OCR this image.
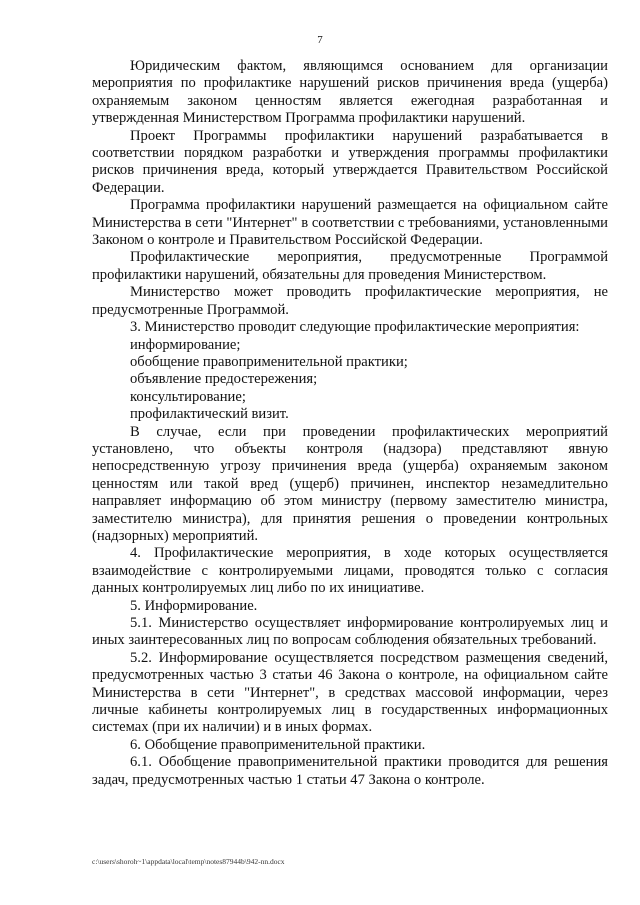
7

Юридическим фактом, являющимся основанием для организации мероприятия по профилактике нарушений рисков причинения вреда (ущерба) охраняемым законом ценностям является ежегодная разработанная и утвержденная Министерством Программа профилактики нарушений.

Проект Программы профилактики нарушений разрабатывается в соответствии порядком разработки и утверждения программы профилактики рисков причинения вреда, который утверждается Правительством Российской Федерации.

Программа профилактики нарушений размещается на официальном сайте Министерства в сети "Интернет" в соответствии с требованиями, установленными Законом о контроле и Правительством Российской Федерации.

Профилактические мероприятия, предусмотренные Программой профилактики нарушений, обязательны для проведения Министерством.

Министерство может проводить профилактические мероприятия, не предусмотренные Программой.

3. Министерство проводит следующие профилактические мероприятия:

информирование;

обобщение правоприменительной практики;

объявление предостережения;

консультирование;

профилактический визит.

В случае, если при проведении профилактических мероприятий установлено, что объекты контроля (надзора) представляют явную непосредственную угрозу причинения вреда (ущерба) охраняемым законом ценностям или такой вред (ущерб) причинен, инспектор незамедлительно направляет информацию об этом министру (первому заместителю министра, заместителю министра), для принятия решения о проведении контрольных (надзорных) мероприятий.

4. Профилактические мероприятия, в ходе которых осуществляется взаимодействие с контролируемыми лицами, проводятся только с согласия данных контролируемых лиц либо по их инициативе.

5. Информирование.

5.1. Министерство осуществляет информирование контролируемых лиц и иных заинтересованных лиц по вопросам соблюдения обязательных требований.

5.2. Информирование осуществляется посредством размещения сведений, предусмотренных частью 3 статьи 46 Закона о контроле, на официальном сайте Министерства в сети "Интернет", в средствах массовой информации, через личные кабинеты контролируемых лиц в государственных информационных системах (при их наличии) и в иных формах.

6. Обобщение правоприменительной практики.

6.1. Обобщение правоприменительной практики проводится для решения задач, предусмотренных частью 1 статьи 47 Закона о контроле.

c:\users\shoroh~1\appdata\local\temp\notes87944b\942-nn.docx
